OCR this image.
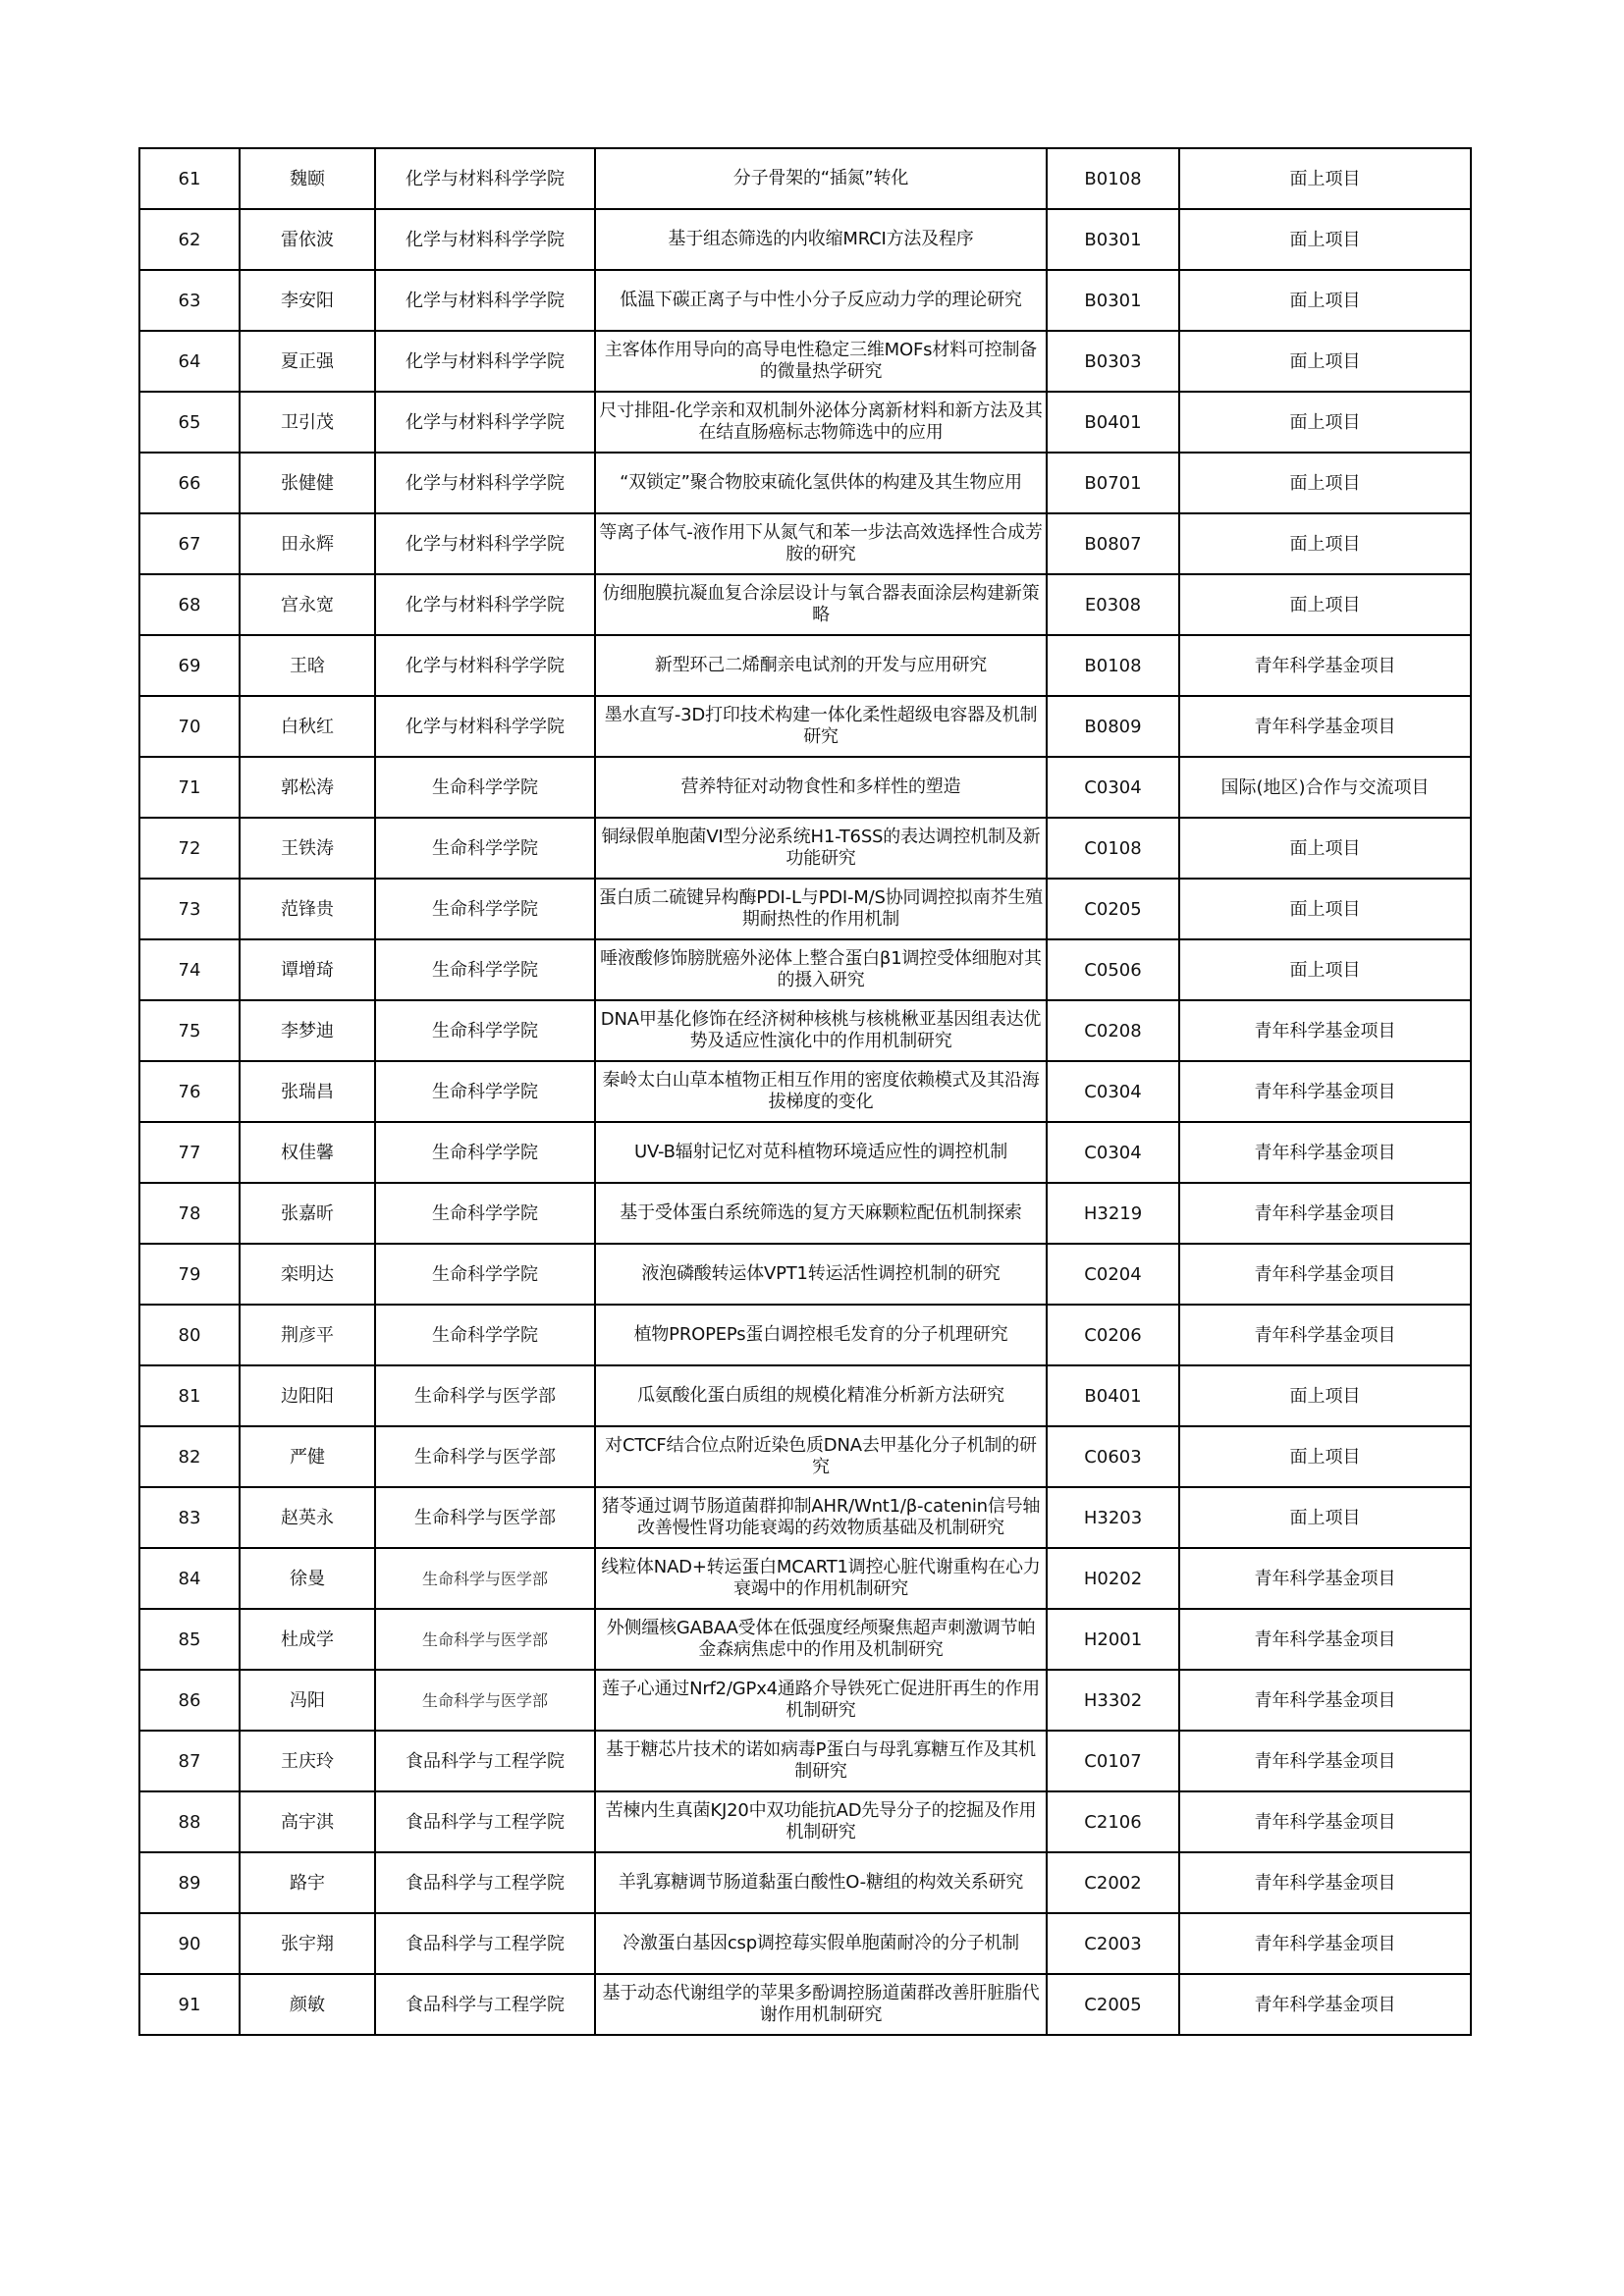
61	魏颐	化学与材料科学学院	分子骨架的“插氮”转化	B0108	面上项目
62	雷依波	化学与材料科学学院	基于组态筛选的内收缩MRCI方法及程序	B0301	面上项目
63	李安阳	化学与材料科学学院	低温下碳正离子与中性小分子反应动力学的理论研究	B0301	面上项目
64	夏正强	化学与材料科学学院	主客体作用导向的高导电性稳定三维MOFs材料可控制备的微量热学研究	B0303	面上项目
65	卫引茂	化学与材料科学学院	尺寸排阻-化学亲和双机制外泌体分离新材料和新方法及其在结直肠癌标志物筛选中的应用	B0401	面上项目
66	张健健	化学与材料科学学院	“双锁定”聚合物胶束硫化氢供体的构建及其生物应用	B0701	面上项目
67	田永辉	化学与材料科学学院	等离子体气-液作用下从氮气和苯一步法高效选择性合成芳胺的研究	B0807	面上项目
68	宫永宽	化学与材料科学学院	仿细胞膜抗凝血复合涂层设计与氧合器表面涂层构建新策略	E0308	面上项目
69	王晗	化学与材料科学学院	新型环己二烯酮亲电试剂的开发与应用研究	B0108	青年科学基金项目
70	白秋红	化学与材料科学学院	墨水直写-3D打印技术构建一体化柔性超级电容器及机制研究	B0809	青年科学基金项目
71	郭松涛	生命科学学院	营养特征对动物食性和多样性的塑造	C0304	国际(地区)合作与交流项目
72	王铁涛	生命科学学院	铜绿假单胞菌VI型分泌系统H1-T6SS的表达调控机制及新功能研究	C0108	面上项目
73	范锋贵	生命科学学院	蛋白质二硫键异构酶PDI-L与PDI-M/S协同调控拟南芥生殖期耐热性的作用机制	C0205	面上项目
74	谭增琦	生命科学学院	唾液酸修饰膀胱癌外泌体上整合蛋白β1调控受体细胞对其的摄入研究	C0506	面上项目
75	李梦迪	生命科学学院	DNA甲基化修饰在经济树种核桃与核桃楸亚基因组表达优势及适应性演化中的作用机制研究	C0208	青年科学基金项目
76	张瑞昌	生命科学学院	秦岭太白山草本植物正相互作用的密度依赖模式及其沿海拔梯度的变化	C0304	青年科学基金项目
77	权佳馨	生命科学学院	UV-B辐射记忆对苋科植物环境适应性的调控机制	C0304	青年科学基金项目
78	张嘉昕	生命科学学院	基于受体蛋白系统筛选的复方天麻颗粒配伍机制探索	H3219	青年科学基金项目
79	栾明达	生命科学学院	液泡磷酸转运体VPT1转运活性调控机制的研究	C0204	青年科学基金项目
80	荆彦平	生命科学学院	植物PROPEPs蛋白调控根毛发育的分子机理研究	C0206	青年科学基金项目
81	边阳阳	生命科学与医学部	瓜氨酸化蛋白质组的规模化精准分析新方法研究	B0401	面上项目
82	严健	生命科学与医学部	对CTCF结合位点附近染色质DNA去甲基化分子机制的研究	C0603	面上项目
83	赵英永	生命科学与医学部	猪苓通过调节肠道菌群抑制AHR/Wnt1/β-catenin信号轴改善慢性肾功能衰竭的药效物质基础及机制研究	H3203	面上项目
84	徐曼	生命科学与医学部	线粒体NAD+转运蛋白MCART1调控心脏代谢重构在心力衰竭中的作用机制研究	H0202	青年科学基金项目
85	杜成学	生命科学与医学部	外侧缰核GABAA受体在低强度经颅聚焦超声刺激调节帕金森病焦虑中的作用及机制研究	H2001	青年科学基金项目
86	冯阳	生命科学与医学部	莲子心通过Nrf2/GPx4通路介导铁死亡促进肝再生的作用机制研究	H3302	青年科学基金项目
87	王庆玲	食品科学与工程学院	基于糖芯片技术的诺如病毒P蛋白与母乳寡糖互作及其机制研究	C0107	青年科学基金项目
88	高宇淇	食品科学与工程学院	苦楝内生真菌KJ20中双功能抗AD先导分子的挖掘及作用机制研究	C2106	青年科学基金项目
89	路宇	食品科学与工程学院	羊乳寡糖调节肠道黏蛋白酸性O-糖组的构效关系研究	C2002	青年科学基金项目
90	张宇翔	食品科学与工程学院	冷激蛋白基因csp调控莓实假单胞菌耐冷的分子机制	C2003	青年科学基金项目
91	颜敏	食品科学与工程学院	基于动态代谢组学的苹果多酚调控肠道菌群改善肝脏脂代谢作用机制研究	C2005	青年科学基金项目
